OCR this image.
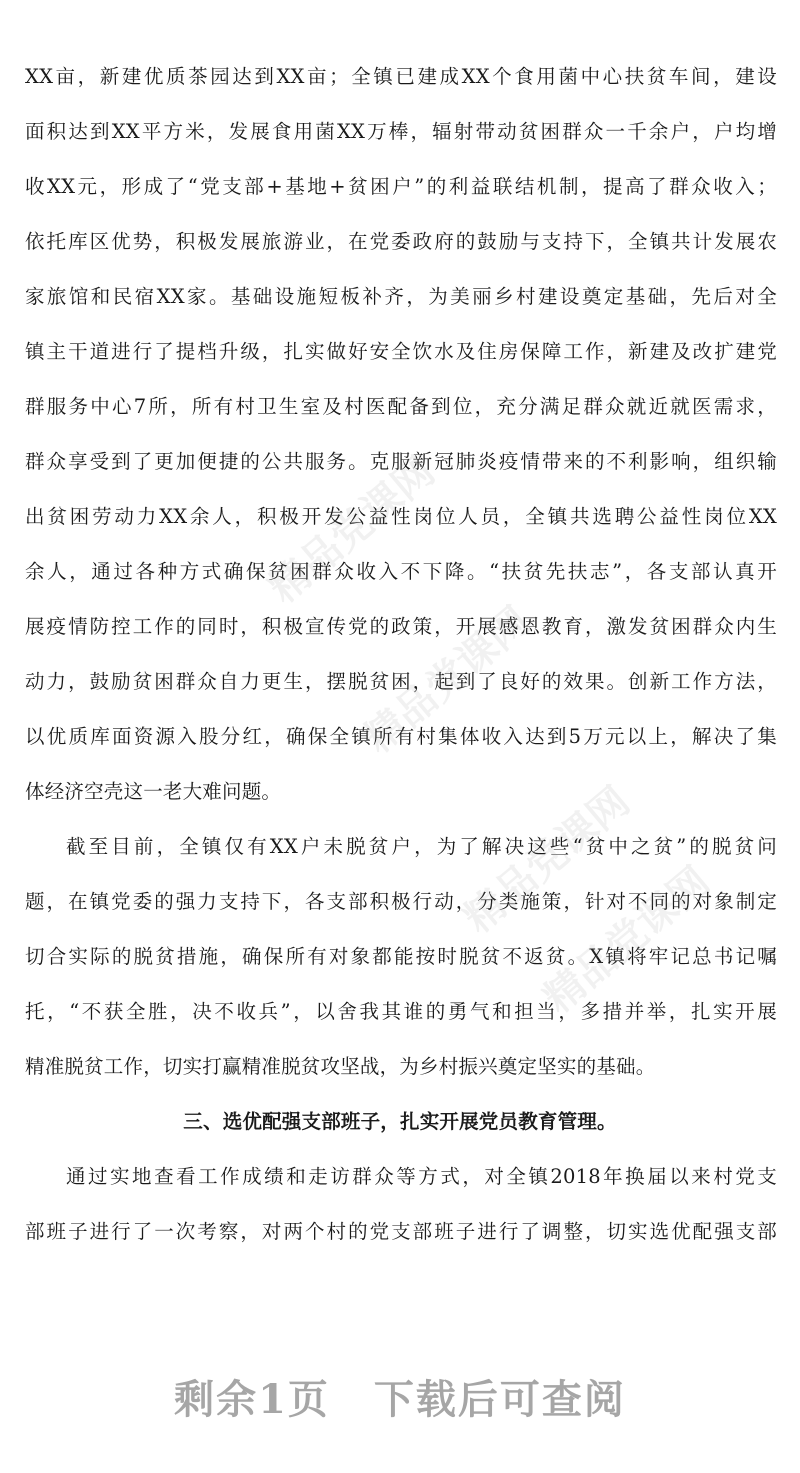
XX亩，新建优质茶园达到XX亩；全镇已建成XX个食用菌中心扶贫车间，建设
面积达到XX平方米，发展食用菌XX万棒，辐射带动贫困群众一千余户，户均增
收XX元，形成了“党支部+基地+贫困户”的利益联结机制，提高了群众收入；
依托库区优势，积极发展旅游业，在党委政府的鼓励与支持下，全镇共计发展农
家旅馆和民宿XX家。基础设施短板补齐，为美丽乡村建设奠定基础，先后对全
镇主干道进行了提档升级，扎实做好安全饮水及住房保障工作，新建及改扩建党
群服务中心7所，所有村卫生室及村医配备到位，充分满足群众就近就医需求，
群众享受到了更加便捷的公共服务。克服新冠肺炎疫情带来的不利影响，组织输
出贫困劳动力XX余人，积极开发公益性岗位人员，全镇共选聘公益性岗位XX
余人，通过各种方式确保贫困群众收入不下降。“扶贫先扶志”，各支部认真开
展疫情防控工作的同时，积极宣传党的政策，开展感恩教育，激发贫困群众内生
动力，鼓励贫困群众自力更生，摆脱贫困，起到了良好的效果。创新工作方法，
以优质库面资源入股分红，确保全镇所有村集体收入达到5万元以上，解决了集
体经济空壳这一老大难问题。
截至目前，全镇仅有XX户未脱贫户，为了解决这些“贫中之贫”的脱贫问
题，在镇党委的强力支持下，各支部积极行动，分类施策，针对不同的对象制定
切合实际的脱贫措施，确保所有对象都能按时脱贫不返贫。X镇将牢记总书记嘱
托，“不获全胜，决不收兵”，以舍我其谁的勇气和担当，多措并举，扎实开展
精准脱贫工作，切实打赢精准脱贫攻坚战，为乡村振兴奠定坚实的基础。
三、选优配强支部班子，扎实开展党员教育管理。
通过实地查看工作成绩和走访群众等方式，对全镇2018年换届以来村党支
部班子进行了一次考察，对两个村的党支部班子进行了调整，切实选优配强支部
精品党课网
精品党课网
精品党课网
精品党课网
剩余1页 下载后可查阅
